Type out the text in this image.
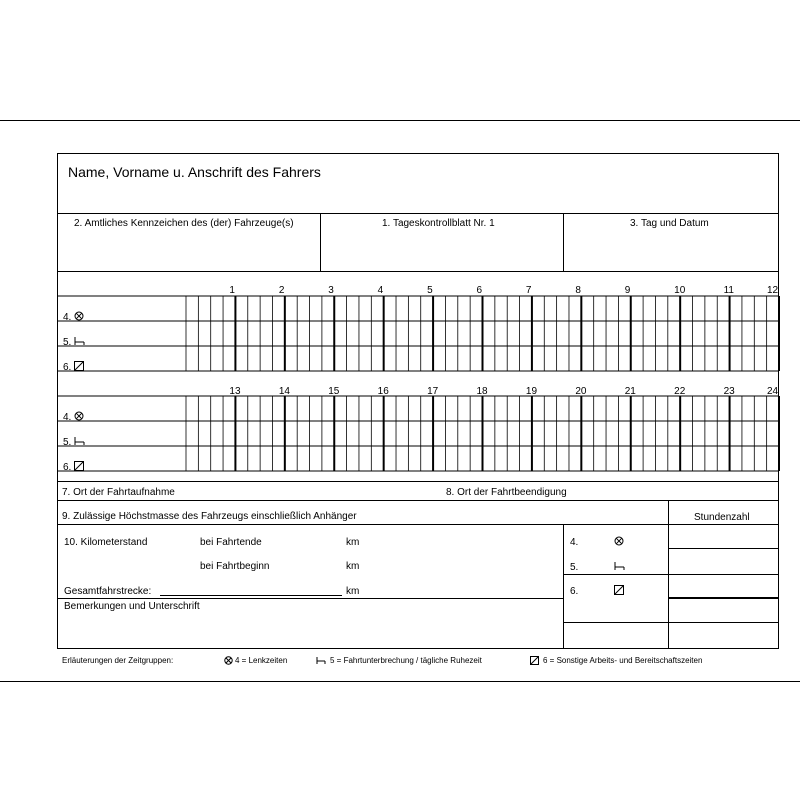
Name, Vorname u. Anschrift des Fahrers
2. Amtliches Kennzeichen des (der) Fahrzeuge(s)	1. Tageskontrollblatt Nr. 1	3. Tag und Datum
1	2	3	4	5	6	7	8	9	10	11	12
13	14	15	16	17	18	19	20	21	22	23	24
4.
5.
6.
4.
5.
6.
7. Ort der Fahrtaufnahme	8. Ort der Fahrtbeendigung
9. Zulässige Höchstmasse des Fahrzeugs einschließlich Anhänger	Stundenzahl
10. Kilometerstand	bei Fahrtende	km
bei Fahrtbeginn	km
Gesamtfahrstrecke:	km
Bemerkungen und Unterschrift
4.
5.
6.
Erläuterungen der Zeitgruppen:	4 = Lenkzeiten	5 = Fahrtunterbrechung / tägliche Ruhezeit	6 = Sonstige Arbeits- und Bereitschaftszeiten
